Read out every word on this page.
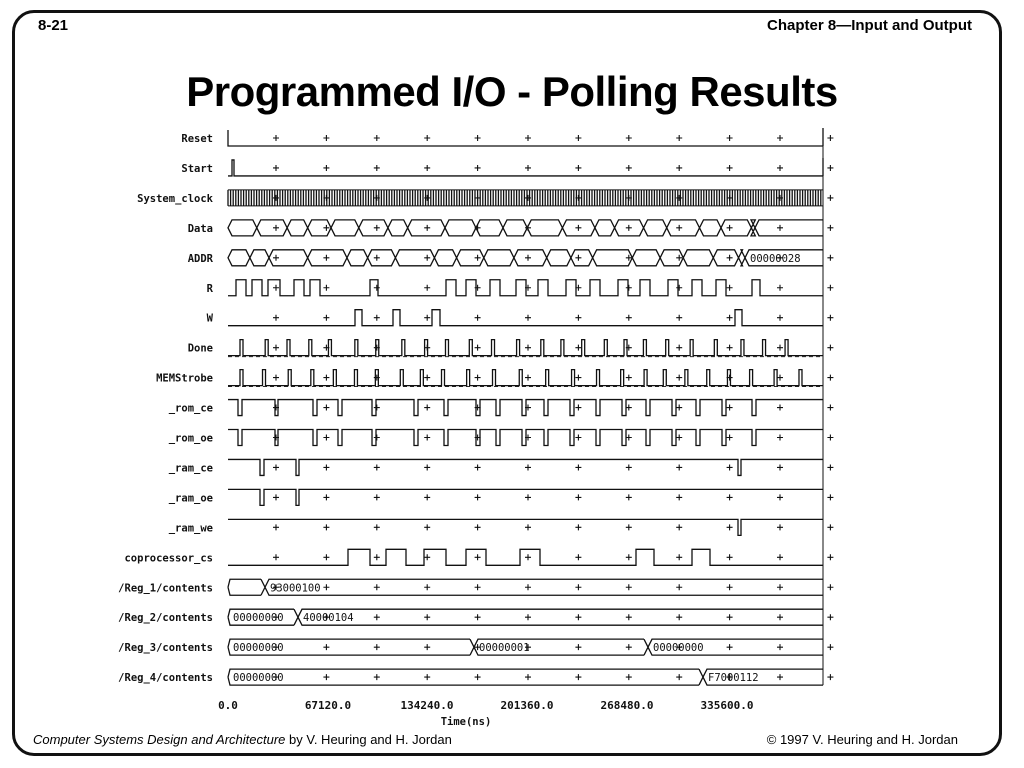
8-21	Chapter 8—Input and Output
Programmed I/O - Polling Results
Reset
Start
System_clock
Data
ADDR	00000028
R
W
Done
MEMStrobe
_rom_ce
_rom_oe
_ram_ce
_ram_oe
_ram_we
coprocessor_cs
/Reg_1/contents	93000100
/Reg_2/contents 00000000 40000104
/Reg_3/contents 00000000	00000001	00000000
/Reg_4/contents 00000000	F7000112
0.0	67120.0	134240.0	201360.0	268480.0	335600.0
Time(ns)
Computer Systems Design and Architecture by V. Heuring and H. Jordan	© 1997 V. Heuring and H. Jordan
